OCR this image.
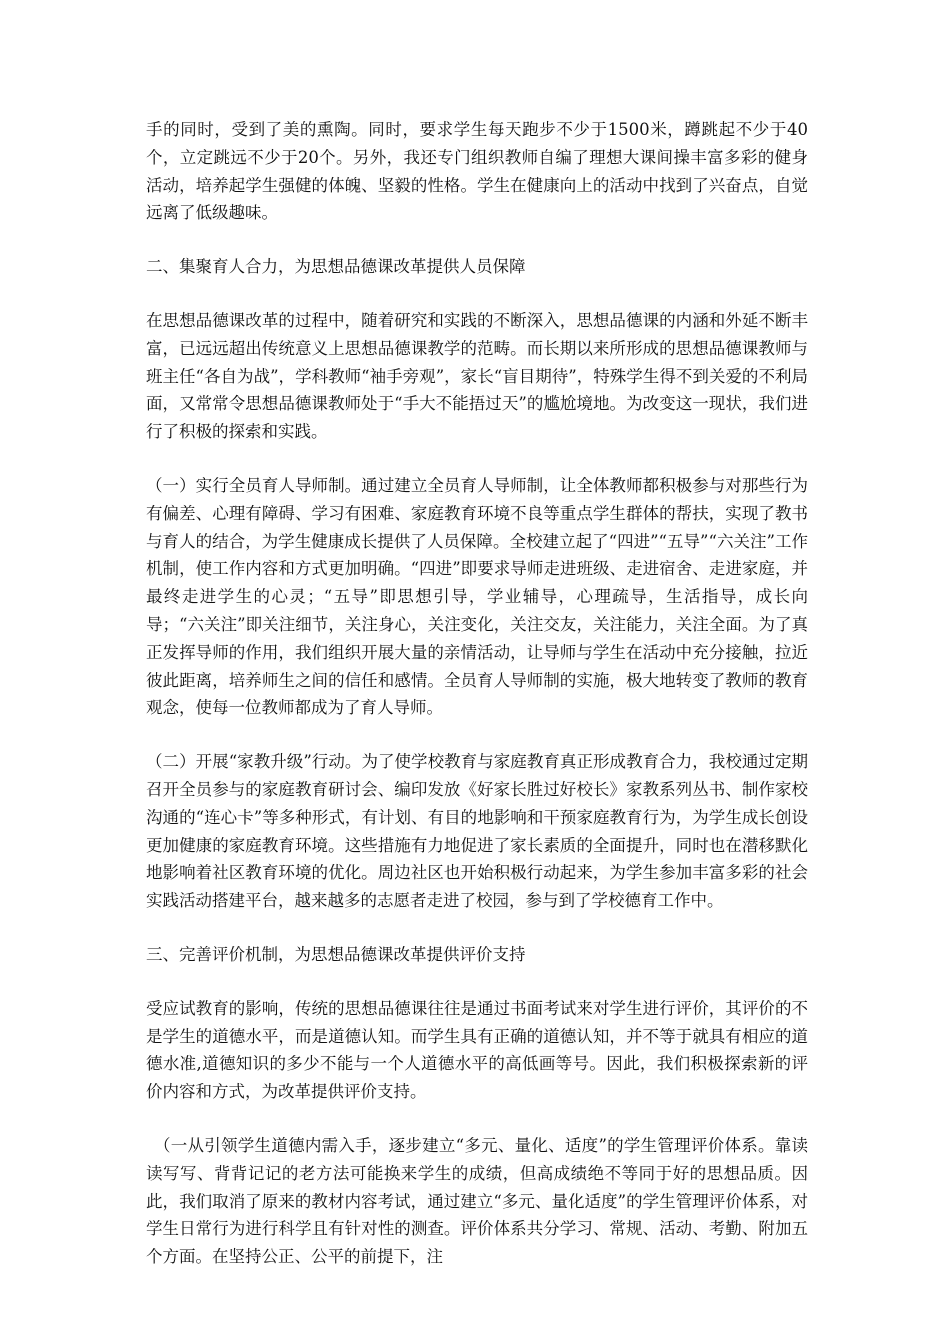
手的同时，受到了美的熏陶。同时，要求学生每天跑步不少于1500米，蹲跳起不少于40个，立定跳远不少于20个。另外，我还专门组织教师自编了理想大课间操丰富多彩的健身活动，培养起学生强健的体魄、坚毅的性格。学生在健康向上的活动中找到了兴奋点，自觉远离了低级趣味。

二、集聚育人合力，为思想品德课改革提供人员保障

在思想品德课改革的过程中，随着研究和实践的不断深入，思想品德课的内涵和外延不断丰富，已远远超出传统意义上思想品德课教学的范畴。而长期以来所形成的思想品德课教师与班主任“各自为战”，学科教师“袖手旁观”，家长“盲目期待”，特殊学生得不到关爱的不利局面，又常常令思想品德课教师处于“手大不能捂过天”的尴尬境地。为改变这一现状，我们进行了积极的探索和实践。

（一）实行全员育人导师制。通过建立全员育人导师制，让全体教师都积极参与对那些行为有偏差、心理有障碍、学习有困难、家庭教育环境不良等重点学生群体的帮扶，实现了教书与育人的结合，为学生健康成长提供了人员保障。全校建立起了“四进”“五导”“六关注”工作机制，使工作内容和方式更加明确。“四进”即要求导师走进班级、走进宿舍、走进家庭，并最终走进学生的心灵；“五导”即思想引导，学业辅导，心理疏导，生活指导，成长向导；“六关注”即关注细节，关注身心，关注变化，关注交友，关注能力，关注全面。为了真正发挥导师的作用，我们组织开展大量的亲情活动，让导师与学生在活动中充分接触，拉近彼此距离，培养师生之间的信任和感情。全员育人导师制的实施，极大地转变了教师的教育观念，使每一位教师都成为了育人导师。

（二）开展“家教升级”行动。为了使学校教育与家庭教育真正形成教育合力，我校通过定期召开全员参与的家庭教育研讨会、编印发放《好家长胜过好校长》家教系列丛书、制作家校沟通的“连心卡”等多种形式，有计划、有目的地影响和干预家庭教育行为，为学生成长创设更加健康的家庭教育环境。这些措施有力地促进了家长素质的全面提升，同时也在潜移默化地影响着社区教育环境的优化。周边社区也开始积极行动起来，为学生参加丰富多彩的社会实践活动搭建平台，越来越多的志愿者走进了校园，参与到了学校德育工作中。

三、完善评价机制，为思想品德课改革提供评价支持

受应试教育的影响，传统的思想品德课往往是通过书面考试来对学生进行评价，其评价的不是学生的道德水平，而是道德认知。而学生具有正确的道德认知，并不等于就具有相应的道德水准,道德知识的多少不能与一个人道德水平的高低画等号。因此，我们积极探索新的评价内容和方式，为改革提供评价支持。

（一从引领学生道德内需入手，逐步建立“多元、量化、适度”的学生管理评价体系。靠读读写写、背背记记的老方法可能换来学生的成绩，但高成绩绝不等同于好的思想品质。因此，我们取消了原来的教材内容考试，通过建立“多元、量化适度”的学生管理评价体系，对学生日常行为进行科学且有针对性的测查。评价体系共分学习、常规、活动、考勤、附加五个方面。在坚持公正、公平的前提下，注
